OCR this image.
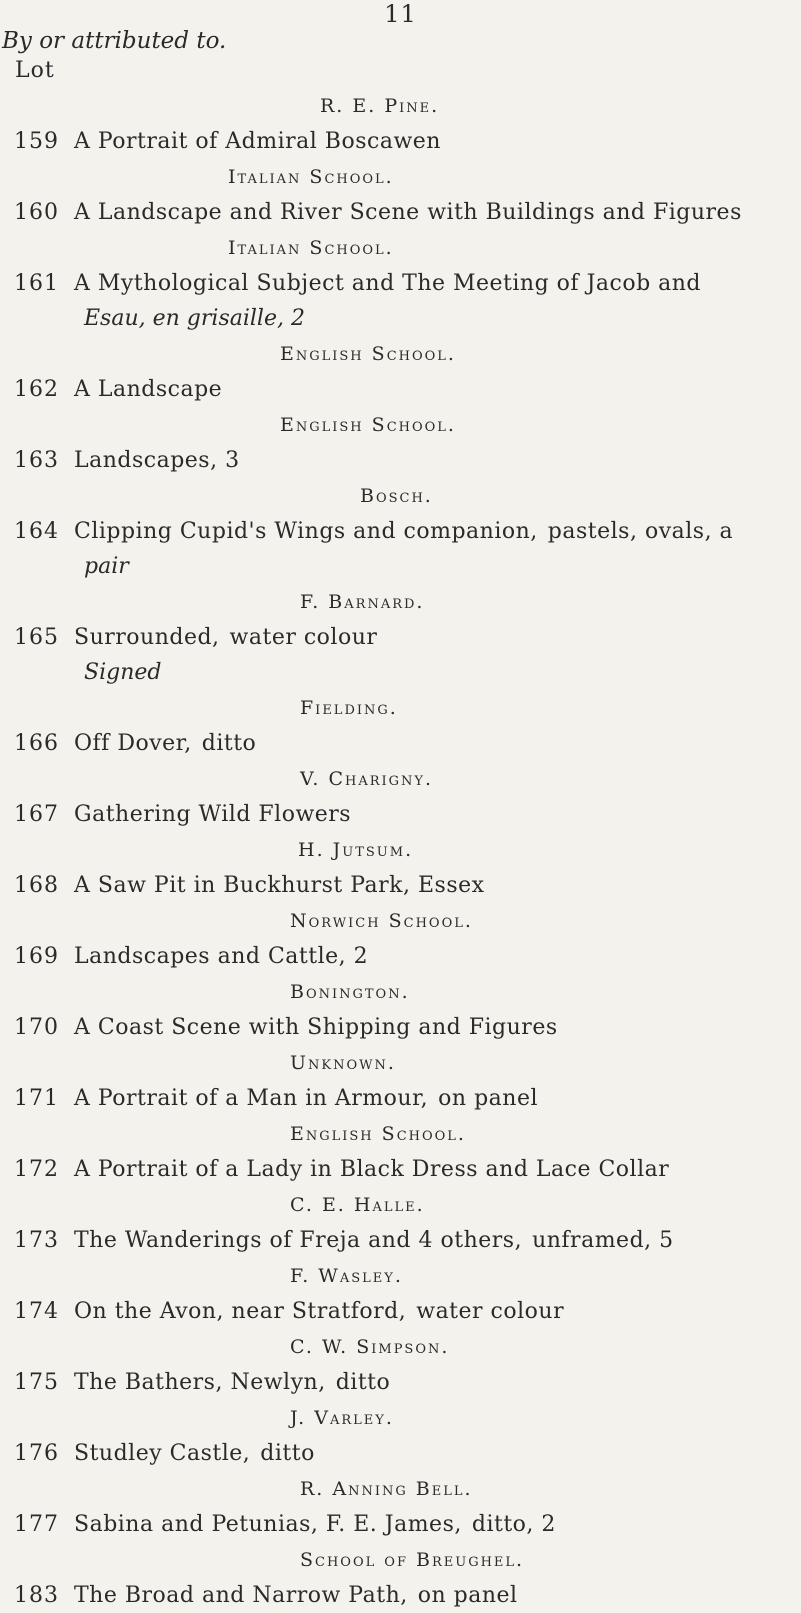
11
By or attributed to.
Lot
R. E. Pine.
159 A Portrait of Admiral Boscawen
Italian School.
160 A Landscape and River Scene with Buildings and Figures
Italian School.
161 A Mythological Subject and The Meeting of Jacob and
Esau, en grisaille, 2
English School.
162 A Landscape
English School.
163 Landscapes, 3
Bosch.
164 Clipping Cupid's Wings and companion, pastels, ovals, a
pair
F. Barnard.
165 Surrounded, water colour
Signed
Fielding.
166 Off Dover, ditto
V. Charigny.
167 Gathering Wild Flowers
H. Jutsum.
168 A Saw Pit in Buckhurst Park, Essex
Norwich School.
169 Landscapes and Cattle, 2
Bonington.
170 A Coast Scene with Shipping and Figures
Unknown.
171 A Portrait of a Man in Armour, on panel
English School.
172 A Portrait of a Lady in Black Dress and Lace Collar
C. E. Halle.
173 The Wanderings of Freja and 4 others, unframed, 5
F. Wasley.
174 On the Avon, near Stratford, water colour
C. W. Simpson.
175 The Bathers, Newlyn, ditto
J. Varley.
176 Studley Castle, ditto
R. Anning Bell.
177 Sabina and Petunias, F. E. James, ditto, 2
School of Breughel.
183 The Broad and Narrow Path, on panel
